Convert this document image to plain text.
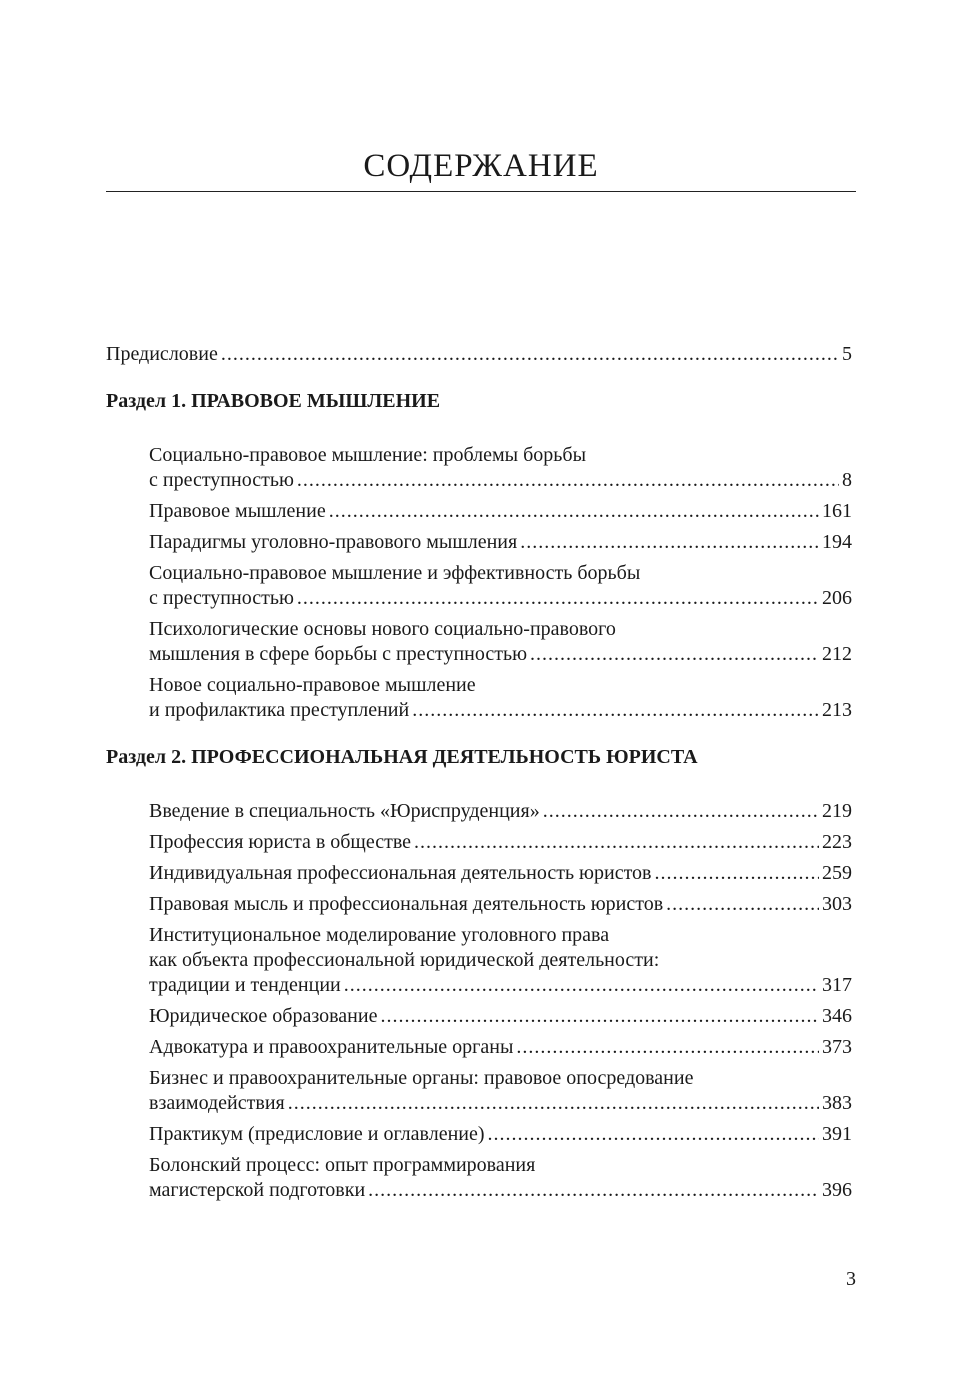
СОДЕРЖАНИЕ
Предисловие .....	5
Раздел 1. ПРАВОВОЕ МЫШЛЕНИЕ
Социально-правовое мышление: проблемы борьбы
с преступностью .....	8
Правовое мышление .....	161
Парадигмы уголовно-правового мышления .....	194
Социально-правовое мышление и эффективность борьбы
с преступностью .....	206
Психологические основы нового социально-правового
мышления в сфере борьбы с преступностью .....	212
Новое социально-правовое мышление
и профилактика преступлений .....	213
Раздел 2. ПРОФЕССИОНАЛЬНАЯ ДЕЯТЕЛЬНОСТЬ ЮРИСТА
Введение в специальность «Юриспруденция» .....	219
Профессия юриста в обществе .....	223
Индивидуальная профессиональная деятельность юристов .....	259
Правовая мысль и профессиональная деятельность юристов .....	303
Институциональное моделирование уголовного права
как объекта профессиональной юридической деятельности:
традиции и тенденции .....	317
Юридическое образование .....	346
Адвокатура и правоохранительные органы .....	373
Бизнес и правоохранительные органы: правовое опосредование
взаимодействия .....	383
Практикум (предисловие и оглавление) .....	391
Болонский процесс: опыт программирования
магистерской подготовки .....	396
3
